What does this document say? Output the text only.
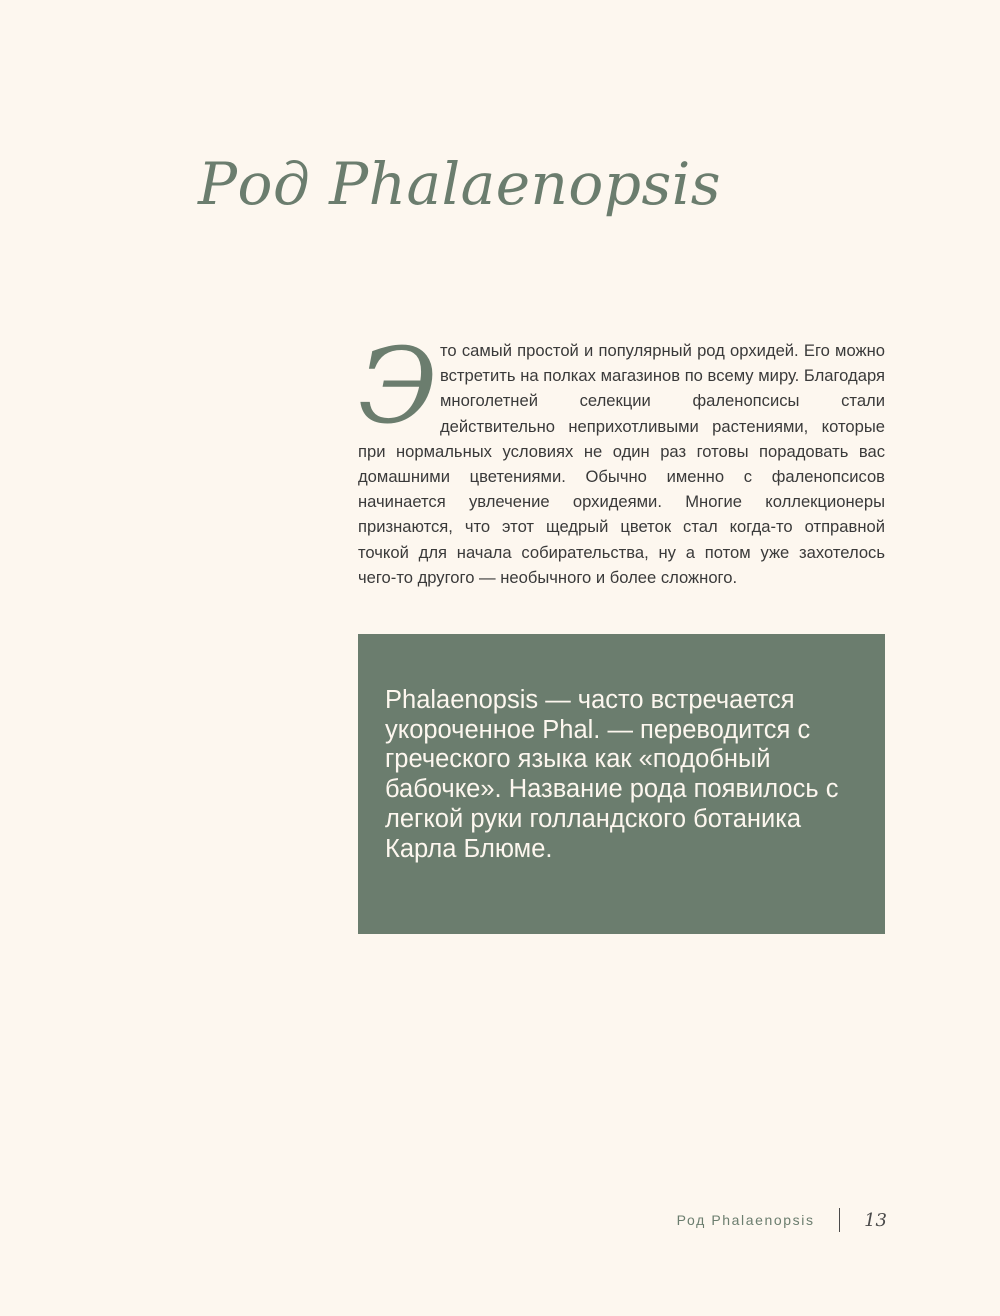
Род Phalaenopsis

Это самый простой и популярный род орхидей. Его можно встретить на полках магазинов по всему миру. Благодаря многолетней селекции фаленопсисы стали действительно неприхотливыми растениями, которые при нормальных условиях не один раз готовы порадовать вас домашними цветениями. Обычно именно с фаленопсисов начинается увлечение орхидеями. Многие коллекционеры признаются, что этот щедрый цветок стал когда-то отправной точкой для начала собирательства, ну а потом уже захотелось чего-то другого — необычного и более сложного.

Phalaenopsis — часто встречается укороченное Phal. — переводится с греческого языка как «подобный бабочке». Название рода появилось с легкой руки голландского ботаника Карла Блюме.

Род Phalaenopsis	13
